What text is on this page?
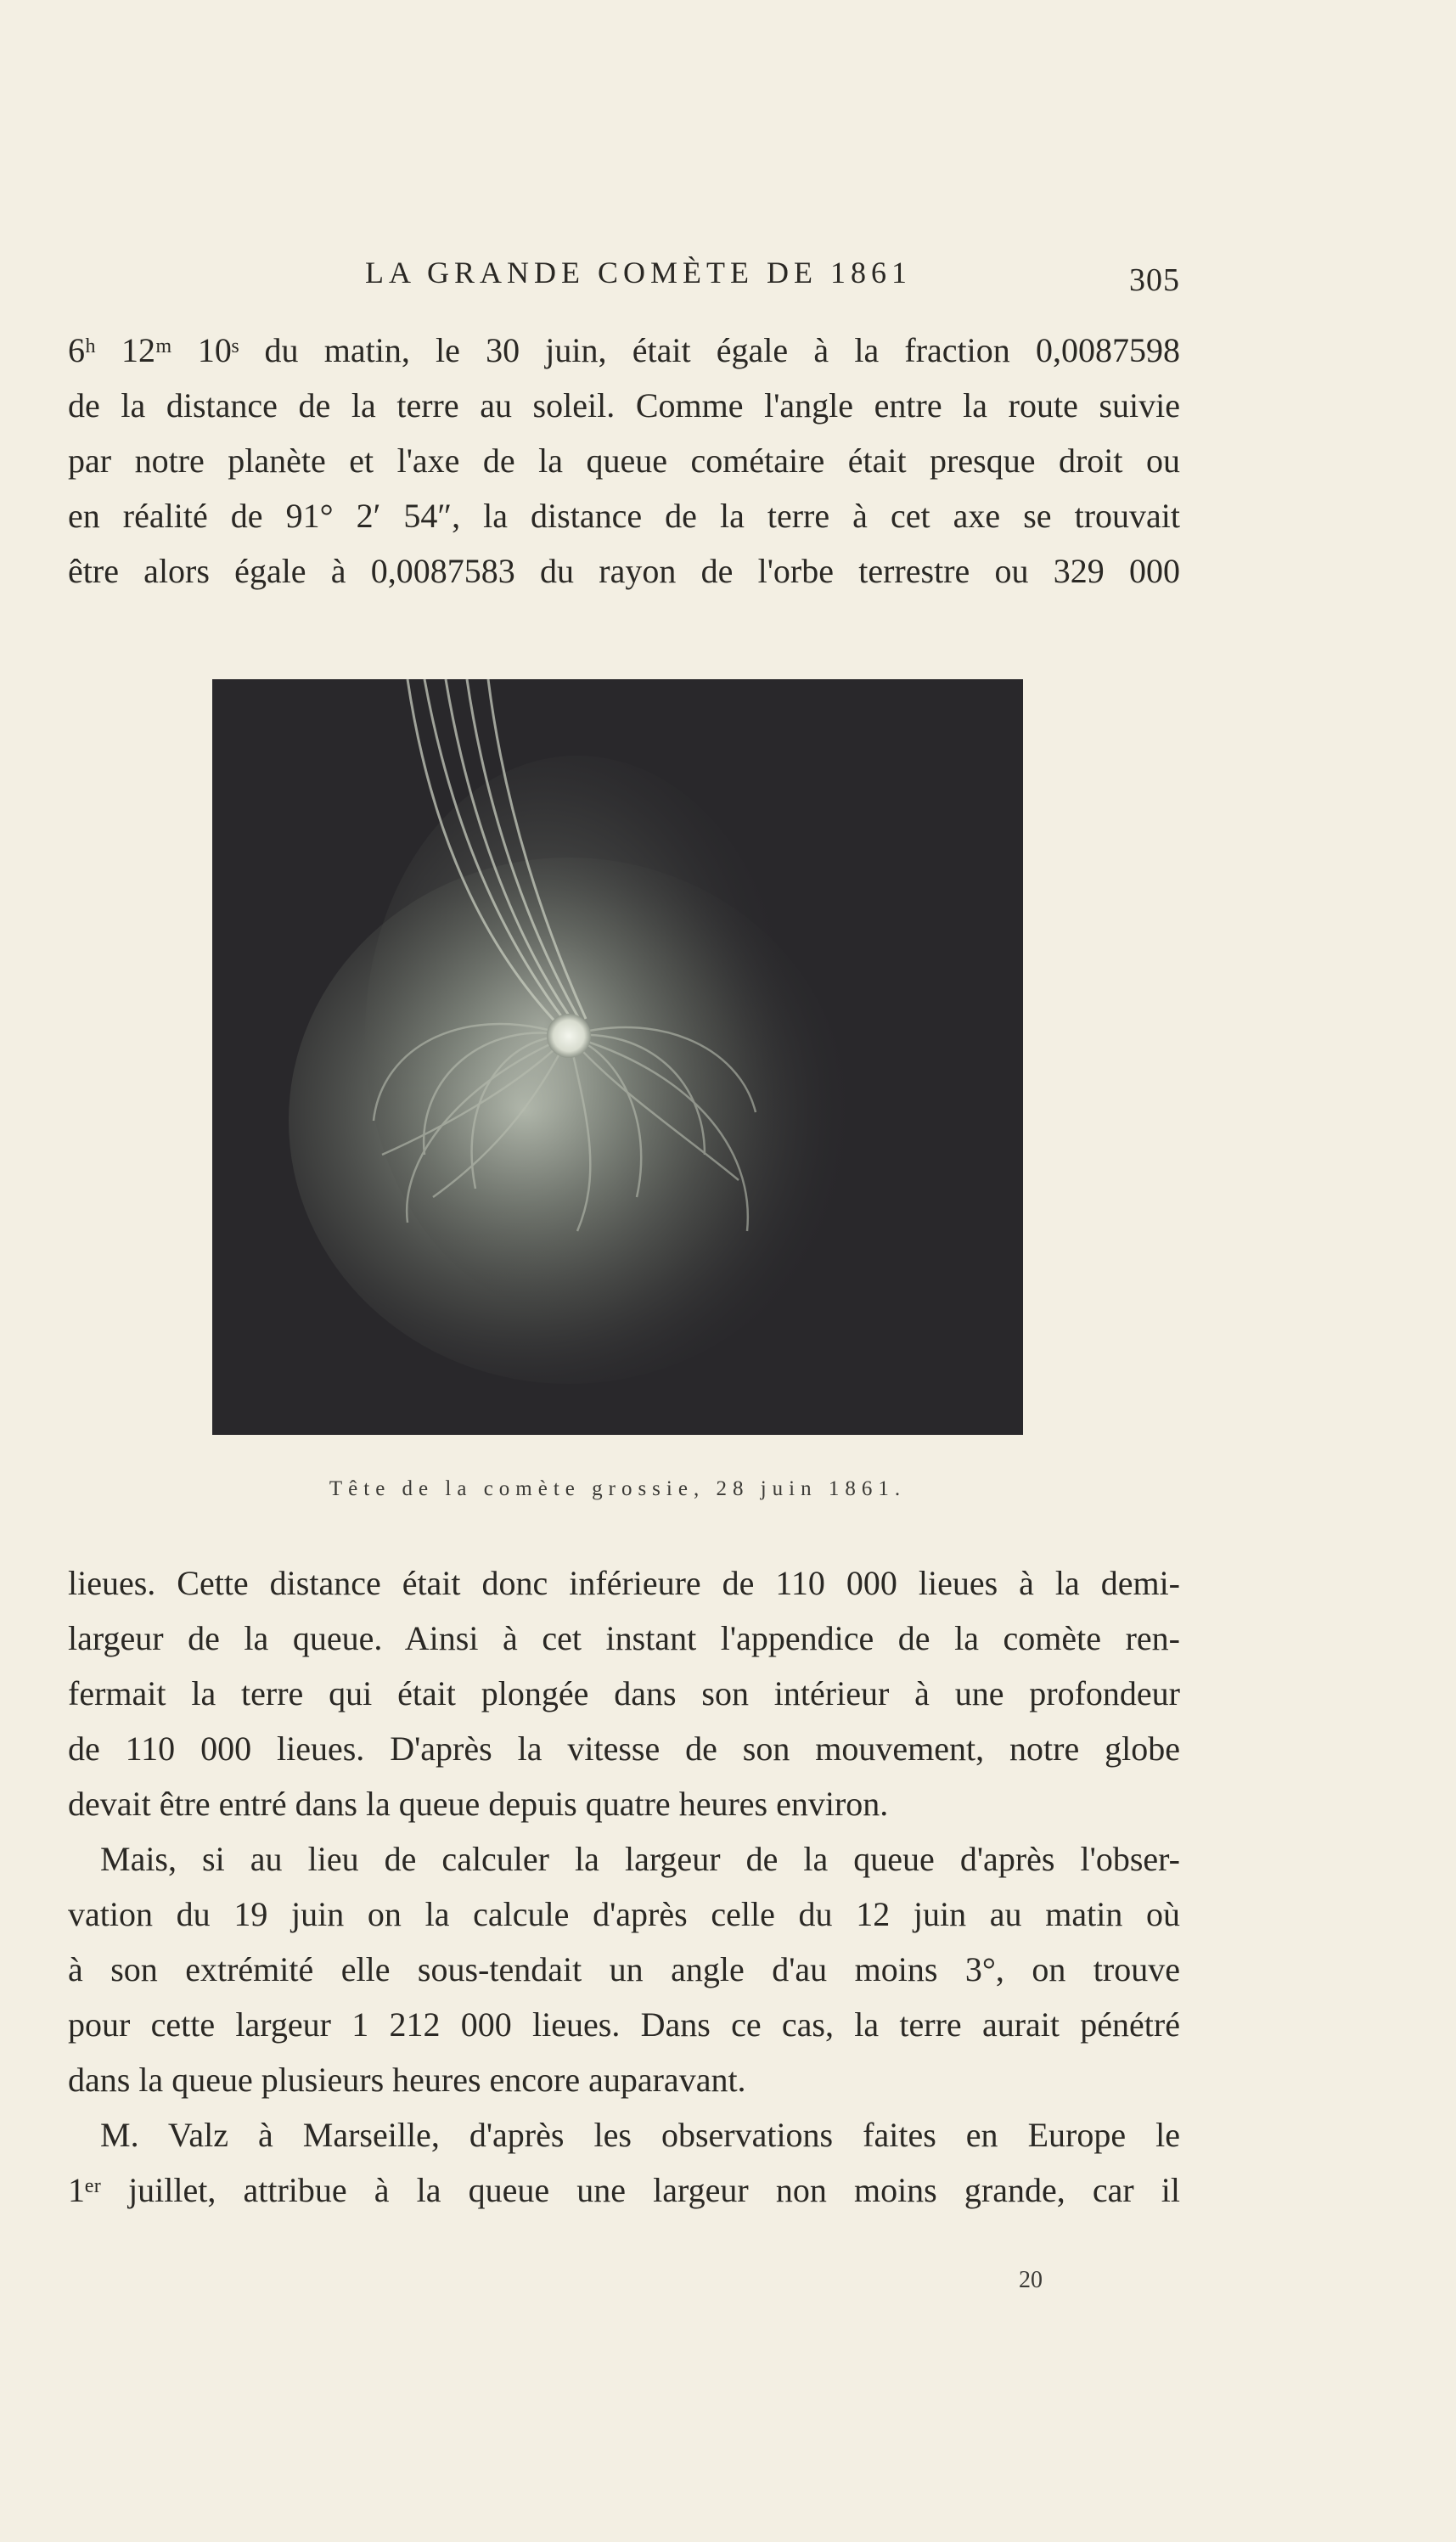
LA GRANDE COMÈTE DE 1861	305

6ʰ 12ᵐ 10ˢ du matin, le 30 juin, était égale à la fraction 0,0087598
de la distance de la terre au soleil. Comme l'angle entre la route suivie
par notre planète et l'axe de la queue cométaire était presque droit ou
en réalité de 91° 2′ 54″, la distance de la terre à cet axe se trouvait
être alors égale à 0,0087583 du rayon de l'orbe terrestre ou 329 000

Tête de la comète grossie, 28 juin 1861.

lieues. Cette distance était donc inférieure de 110 000 lieues à la demi-
largeur de la queue. Ainsi à cet instant l'appendice de la comète ren-
fermait la terre qui était plongée dans son intérieur à une profondeur
de 110 000 lieues. D'après la vitesse de son mouvement, notre globe
devait être entré dans la queue depuis quatre heures environ.

Mais, si au lieu de calculer la largeur de la queue d'après l'obser-
vation du 19 juin on la calcule d'après celle du 12 juin au matin où
à son extrémité elle sous-tendait un angle d'au moins 3°, on trouve
pour cette largeur 1 212 000 lieues. Dans ce cas, la terre aurait pénétré
dans la queue plusieurs heures encore auparavant.

M. Valz à Marseille, d'après les observations faites en Europe le
1ᵉʳ juillet, attribue à la queue une largeur non moins grande, car il

20
